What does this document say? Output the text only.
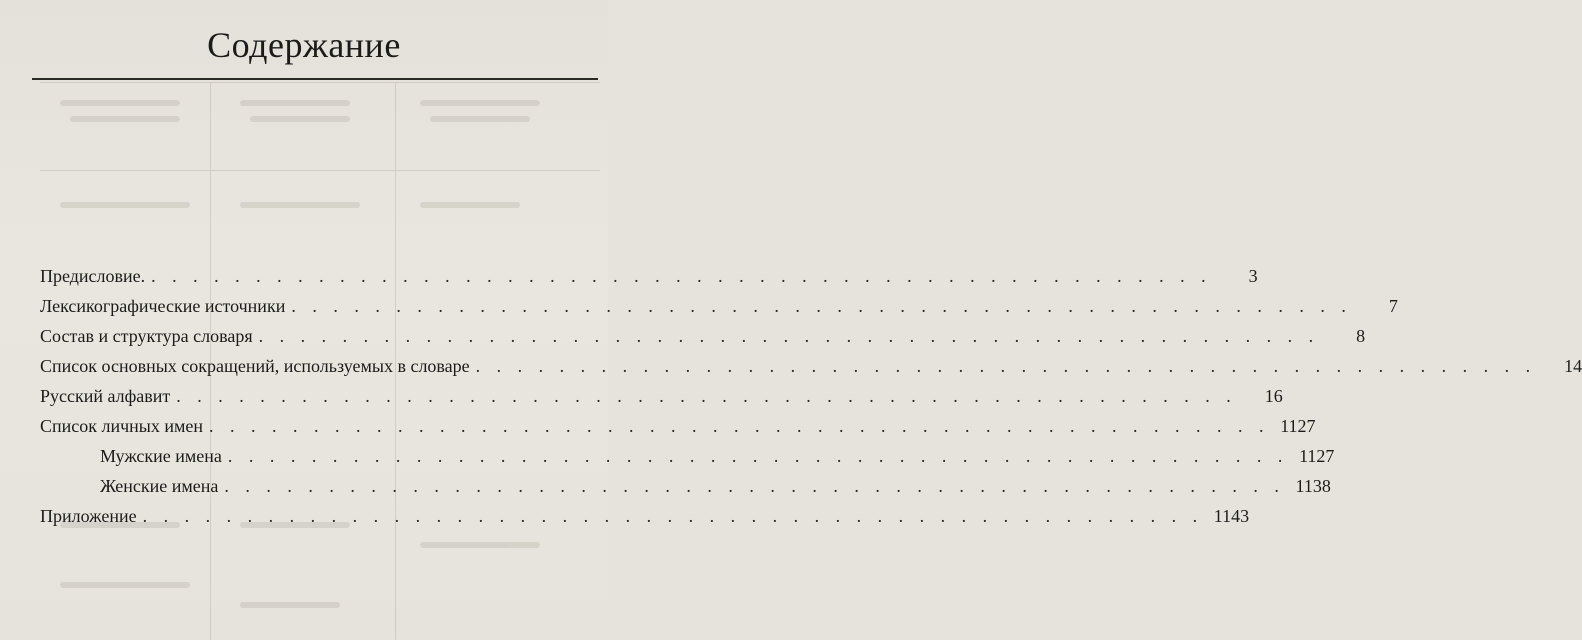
Содержание
Предисловие. . . . . . . . . . . . . . . . . . . . . . . . . . . . . . . . . . . . . . . . . . . . . . . . . . . .	3
Лексикографические источники . . . . . . . . . . . . . . . . . . . . . . . . . . . . . . . . . . . . . . . . . . . . . . . . . . .	7
Состав и структура словаря . . . . . . . . . . . . . . . . . . . . . . . . . . . . . . . . . . . . . . . . . . . . . . . . . . .	8
Список основных сокращений, используемых в словаре . . . . . . . . . . . . . . . . . . . . . . . . . . . . . . . . . . . . . . . . . . . . . . . . . . .	14
Русский алфавит . . . . . . . . . . . . . . . . . . . . . . . . . . . . . . . . . . . . . . . . . . . . . . . . . . .	16
Список личных имен . . . . . . . . . . . . . . . . . . . . . . . . . . . . . . . . . . . . . . . . . . . . . . . . . . . 1127
Мужские имена . . . . . . . . . . . . . . . . . . . . . . . . . . . . . . . . . . . . . . . . . . . . . . . . . . . 1127
Женские имена . . . . . . . . . . . . . . . . . . . . . . . . . . . . . . . . . . . . . . . . . . . . . . . . . . . 1138
Приложение . . . . . . . . . . . . . . . . . . . . . . . . . . . . . . . . . . . . . . . . . . . . . . . . . . . 1143
